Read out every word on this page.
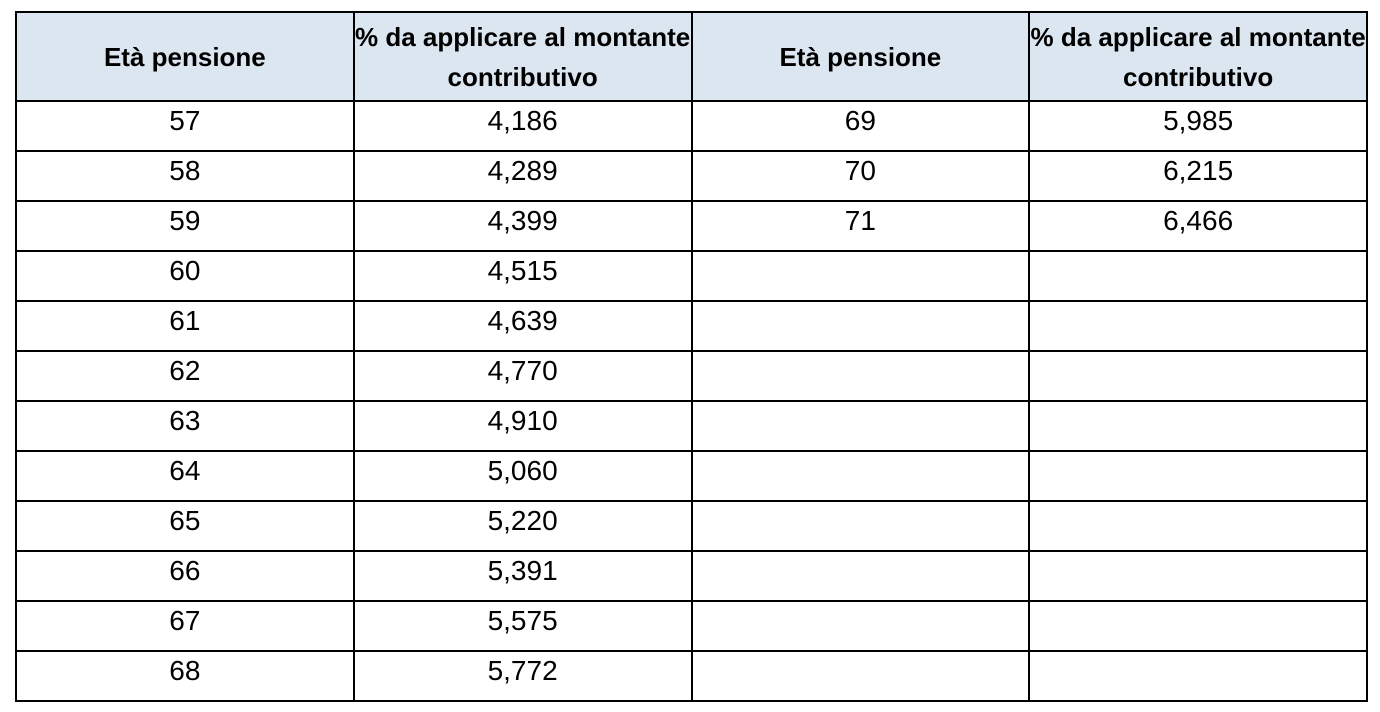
Età pensione	% da applicare al montante contributivo	Età pensione	% da applicare al montante contributivo
57	4,186	69	5,985
58	4,289	70	6,215
59	4,399	71	6,466
60	4,515		
61	4,639		
62	4,770		
63	4,910		
64	5,060		
65	5,220		
66	5,391		
67	5,575		
68	5,772		
